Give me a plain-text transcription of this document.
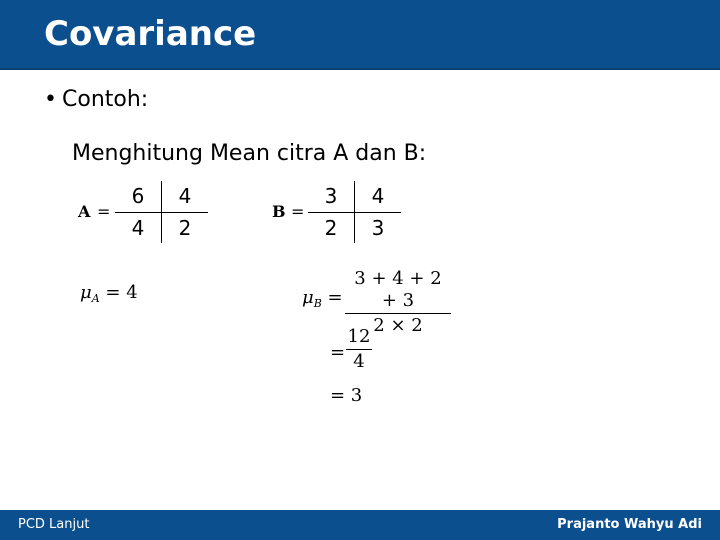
Covariance
• Contoh:
Menghitung Mean citra A dan B:
A =
6	4
4	2
B =
3	4
2	3
$\mu_A = 4$	$\mu_B$ =
3 + 4 + 2 + 3
2 × 2
=
12
4
= 3
PCD Lanjut	Prajanto Wahyu Adi
